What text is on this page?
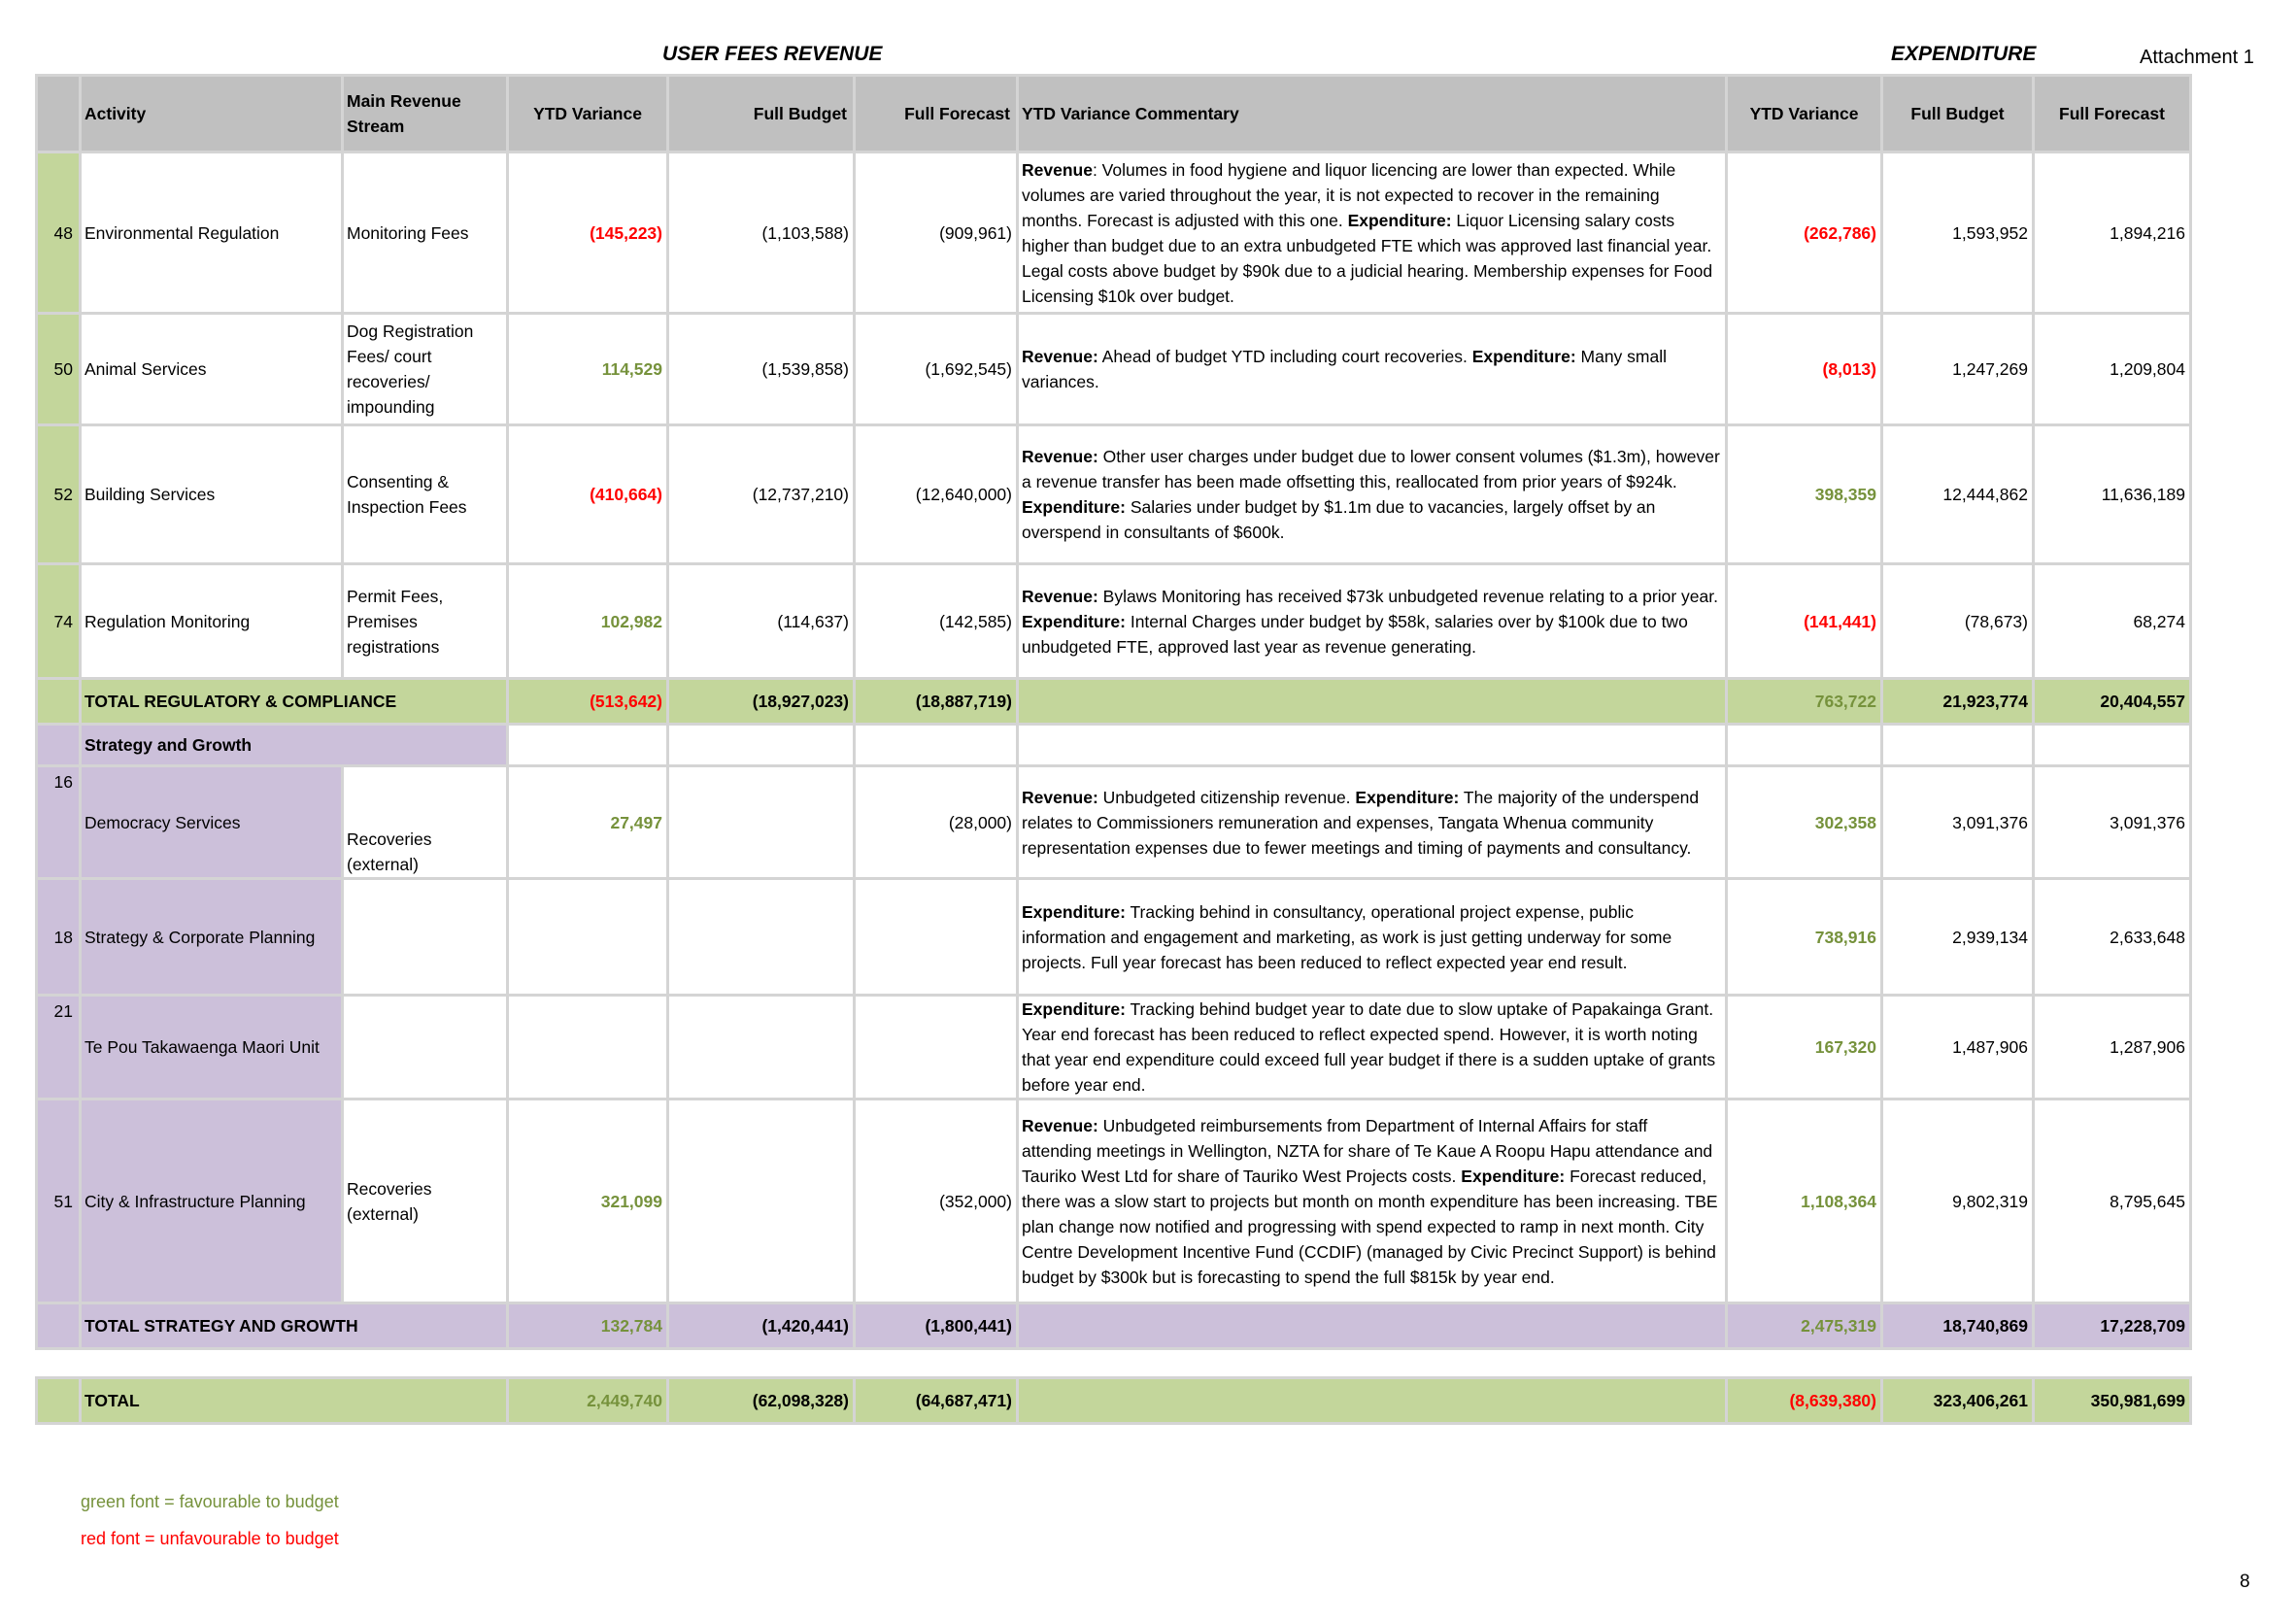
USER FEES REVENUE	EXPENDITURE	Attachment 1
	Activity	Main Revenue Stream	YTD Variance	Full Budget	Full Forecast	YTD Variance Commentary	YTD Variance	Full Budget	Full Forecast
48	Environmental Regulation	Monitoring Fees	(145,223)	(1,103,588)	(909,961)	Revenue: Volumes in food hygiene and liquor licencing are lower than expected. While volumes are varied throughout the year, it is not expected to recover in the remaining months. Forecast is adjusted with this one. Expenditure: Liquor Licensing salary costs higher than budget due to an extra unbudgeted FTE which was approved last financial year. Legal costs above budget by $90k due to a judicial hearing. Membership expenses for Food Licensing $10k over budget.	(262,786)	1,593,952	1,894,216
50	Animal Services	Dog Registration Fees/ court recoveries/ impounding	114,529	(1,539,858)	(1,692,545)	Revenue: Ahead of budget YTD including court recoveries. Expenditure: Many small variances.	(8,013)	1,247,269	1,209,804
52	Building Services	Consenting & Inspection Fees	(410,664)	(12,737,210)	(12,640,000)	Revenue: Other user charges under budget due to lower consent volumes ($1.3m), however a revenue transfer has been made offsetting this, reallocated from prior years of $924k. Expenditure: Salaries under budget by $1.1m due to vacancies, largely offset by an overspend in consultants of $600k.	398,359	12,444,862	11,636,189
74	Regulation Monitoring	Permit Fees, Premises registrations	102,982	(114,637)	(142,585)	Revenue: Bylaws Monitoring has received $73k unbudgeted revenue relating to a prior year. Expenditure: Internal Charges under budget by $58k, salaries over by $100k due to two unbudgeted FTE, approved last year as revenue generating.	(141,441)	(78,673)	68,274
	TOTAL REGULATORY & COMPLIANCE		(513,642)	(18,927,023)	(18,887,719)		763,722	21,923,774	20,404,557
	Strategy and Growth								
16	Democracy Services	Recoveries (external)	27,497		(28,000)	Revenue: Unbudgeted citizenship revenue. Expenditure: The majority of the underspend relates to Commissioners remuneration and expenses, Tangata Whenua community representation expenses due to fewer meetings and timing of payments and consultancy.	302,358	3,091,376	3,091,376
18	Strategy & Corporate Planning					Expenditure: Tracking behind in consultancy, operational project expense, public information and engagement and marketing, as work is just getting underway for some projects. Full year forecast has been reduced to reflect expected year end result.	738,916	2,939,134	2,633,648
21	Te Pou Takawaenga Maori Unit					Expenditure: Tracking behind budget year to date due to slow uptake of Papakainga Grant. Year end forecast has been reduced to reflect expected spend. However, it is worth noting that year end expenditure could exceed full year budget if there is a sudden uptake of grants before year end.	167,320	1,487,906	1,287,906
51	City & Infrastructure Planning	Recoveries (external)	321,099		(352,000)	Revenue: Unbudgeted reimbursements from Department of Internal Affairs for staff attending meetings in Wellington, NZTA for share of Te Kaue A Roopu Hapu attendance and Tauriko West Ltd for share of Tauriko West Projects costs. Expenditure: Forecast reduced, there was a slow start to projects but month on month expenditure has been increasing. TBE plan change now notified and progressing with spend expected to ramp in next month. City Centre Development Incentive Fund (CCDIF) (managed by Civic Precinct Support) is behind budget by $300k but is forecasting to spend the full $815k by year end.	1,108,364	9,802,319	8,795,645
	TOTAL STRATEGY AND GROWTH		132,784	(1,420,441)	(1,800,441)		2,475,319	18,740,869	17,228,709

	TOTAL		2,449,740	(62,098,328)	(64,687,471)		(8,639,380)	323,406,261	350,981,699
green font = favourable to budget
red font = unfavourable to budget
8
